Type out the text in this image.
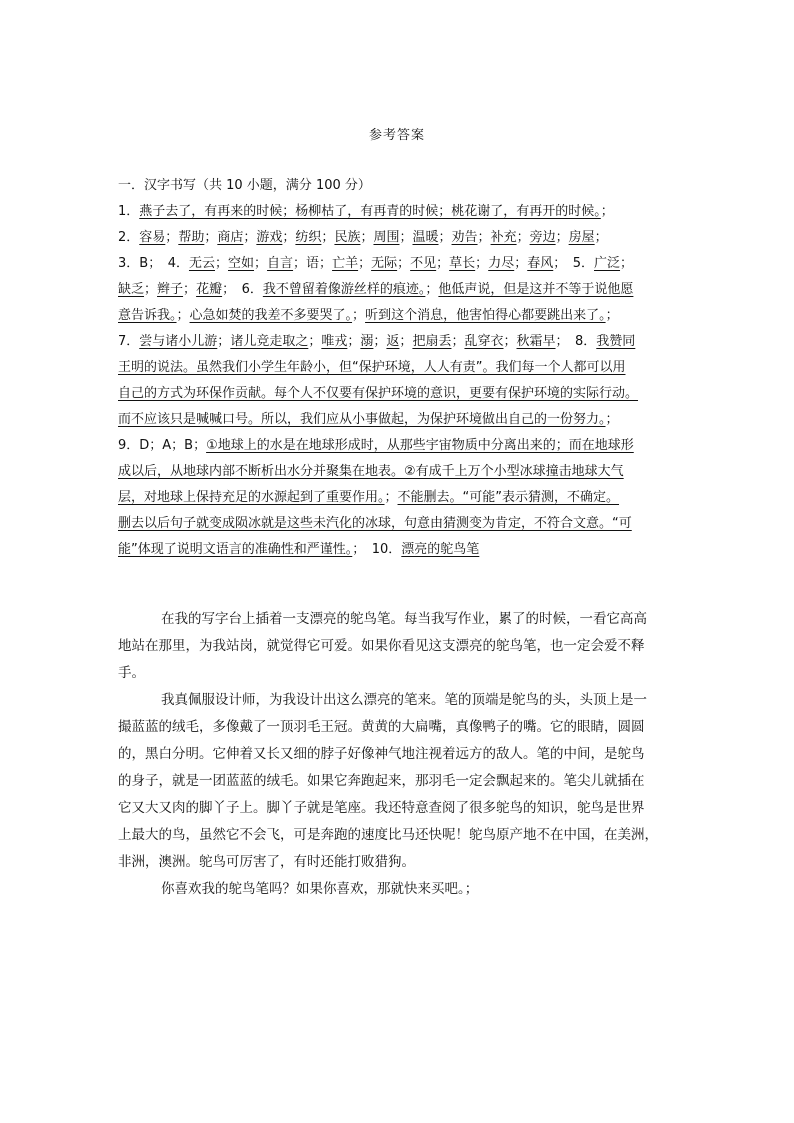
参考答案
一．汉字书写（共 10 小题，满分 100 分）
1．燕子去了，有再来的时候；杨柳枯了，有再青的时候；桃花谢了，有再开的时候。；
2．容易；帮助；商店；游戏；纺织；民族；周围；温暖；劝告；补充；旁边；房屋；
3．B；　4．无云；空如；自言；语；亡羊；无际；不见；草长；力尽；春风；　5．广泛；
缺乏；辫子；花瓣；　6．我不曾留着像游丝样的痕迹。；他低声说，但是这并不等于说他愿
意告诉我。；心急如焚的我差不多要哭了。；听到这个消息，他害怕得心都要跳出来了。；
7．尝与诸小儿游；诸儿竞走取之；唯戎；溺；返；把扇丢；乱穿衣；秋霜早；　8．我赞同
王明的说法。虽然我们小学生年龄小，但“保护环境，人人有责”。我们每一个人都可以用
自己的方式为环保作贡献。每个人不仅要有保护环境的意识，更要有保护环境的实际行动。
而不应该只是喊喊口号。所以，我们应从小事做起，为保护环境做出自己的一份努力。；
9．D；A；B；①地球上的水是在地球形成时，从那些宇宙物质中分离出来的；而在地球形
成以后，从地球内部不断析出水分并聚集在地表。②有成千上万个小型冰球撞击地球大气
层，对地球上保持充足的水源起到了重要作用。；不能删去。“可能”表示猜测，不确定。
删去以后句子就变成陨冰就是这些未汽化的冰球，句意由猜测变为肯定，不符合文意。“可
能”体现了说明文语言的准确性和严谨性。；　10．漂亮的鸵鸟笔
在我的写字台上插着一支漂亮的鸵鸟笔。每当我写作业，累了的时候，一看它高高
地站在那里，为我站岗，就觉得它可爱。如果你看见这支漂亮的鸵鸟笔，也一定会爱不释
手。
我真佩服设计师，为我设计出这么漂亮的笔来。笔的顶端是鸵鸟的头，头顶上是一
撮蓝蓝的绒毛，多像戴了一顶羽毛王冠。黄黄的大扁嘴，真像鸭子的嘴。它的眼睛，圆圆
的，黑白分明。它伸着又长又细的脖子好像神气地注视着远方的敌人。笔的中间，是鸵鸟
的身子，就是一团蓝蓝的绒毛。如果它奔跑起来，那羽毛一定会飘起来的。笔尖儿就插在
它又大又肉的脚丫子上。脚丫子就是笔座。我还特意查阅了很多鸵鸟的知识，鸵鸟是世界
上最大的鸟，虽然它不会飞，可是奔跑的速度比马还快呢！鸵鸟原产地不在中国，在美洲，
非洲，澳洲。鸵鸟可厉害了，有时还能打败猎狗。
你喜欢我的鸵鸟笔吗？如果你喜欢，那就快来买吧。；
